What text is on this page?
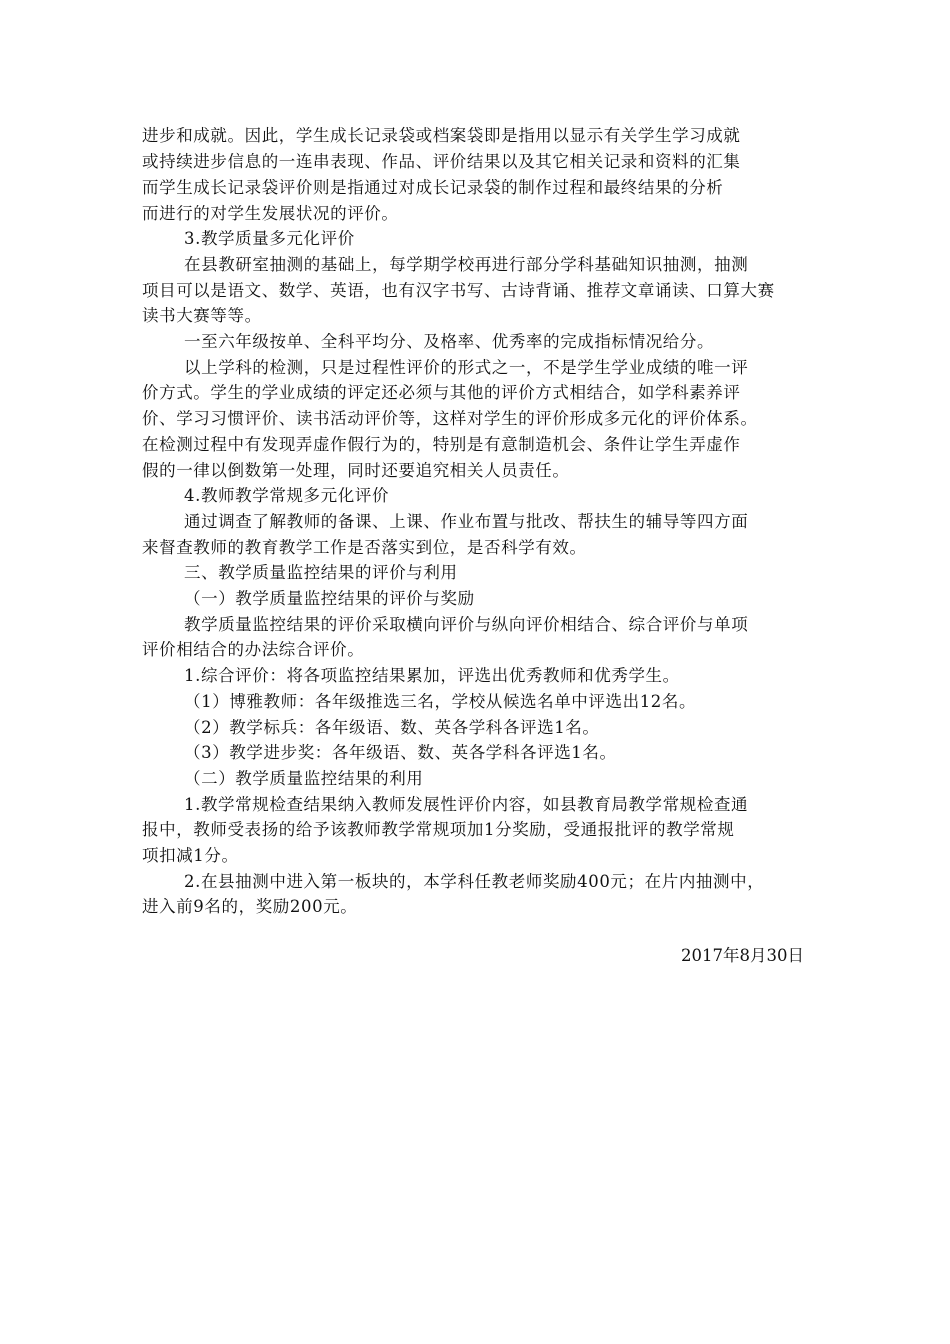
进步和成就。因此，学生成长记录袋或档案袋即是指用以显示有关学生学习成就
或持续进步信息的一连串表现、作品、评价结果以及其它相关记录和资料的汇集
而学生成长记录袋评价则是指通过对成长记录袋的制作过程和最终结果的分析
而进行的对学生发展状况的评价。
3.教学质量多元化评价
在县教研室抽测的基础上，每学期学校再进行部分学科基础知识抽测，抽测
项目可以是语文、数学、英语，也有汉字书写、古诗背诵、推荐文章诵读、口算大赛
读书大赛等等。
一至六年级按单、全科平均分、及格率、优秀率的完成指标情况给分。
以上学科的检测，只是过程性评价的形式之一，不是学生学业成绩的唯一评
价方式。学生的学业成绩的评定还必须与其他的评价方式相结合，如学科素养评
价、学习习惯评价、读书活动评价等，这样对学生的评价形成多元化的评价体系。
在检测过程中有发现弄虚作假行为的，特别是有意制造机会、条件让学生弄虚作
假的一律以倒数第一处理，同时还要追究相关人员责任。
4.教师教学常规多元化评价
通过调查了解教师的备课、上课、作业布置与批改、帮扶生的辅导等四方面
来督查教师的教育教学工作是否落实到位，是否科学有效。
三、教学质量监控结果的评价与利用
（一）教学质量监控结果的评价与奖励
教学质量监控结果的评价采取横向评价与纵向评价相结合、综合评价与单项
评价相结合的办法综合评价。
1.综合评价：将各项监控结果累加，评选出优秀教师和优秀学生。
（1）博雅教师：各年级推选三名，学校从候选名单中评选出12名。
（2）教学标兵：各年级语、数、英各学科各评选1名。
（3）教学进步奖：各年级语、数、英各学科各评选1名。
（二）教学质量监控结果的利用
1.教学常规检查结果纳入教师发展性评价内容，如县教育局教学常规检查通
报中，教师受表扬的给予该教师教学常规项加1分奖励，受通报批评的教学常规
项扣减1分。
2.在县抽测中进入第一板块的，本学科任教老师奖励400元；在片内抽测中，
进入前9名的，奖励200元。
2017年8月30日
